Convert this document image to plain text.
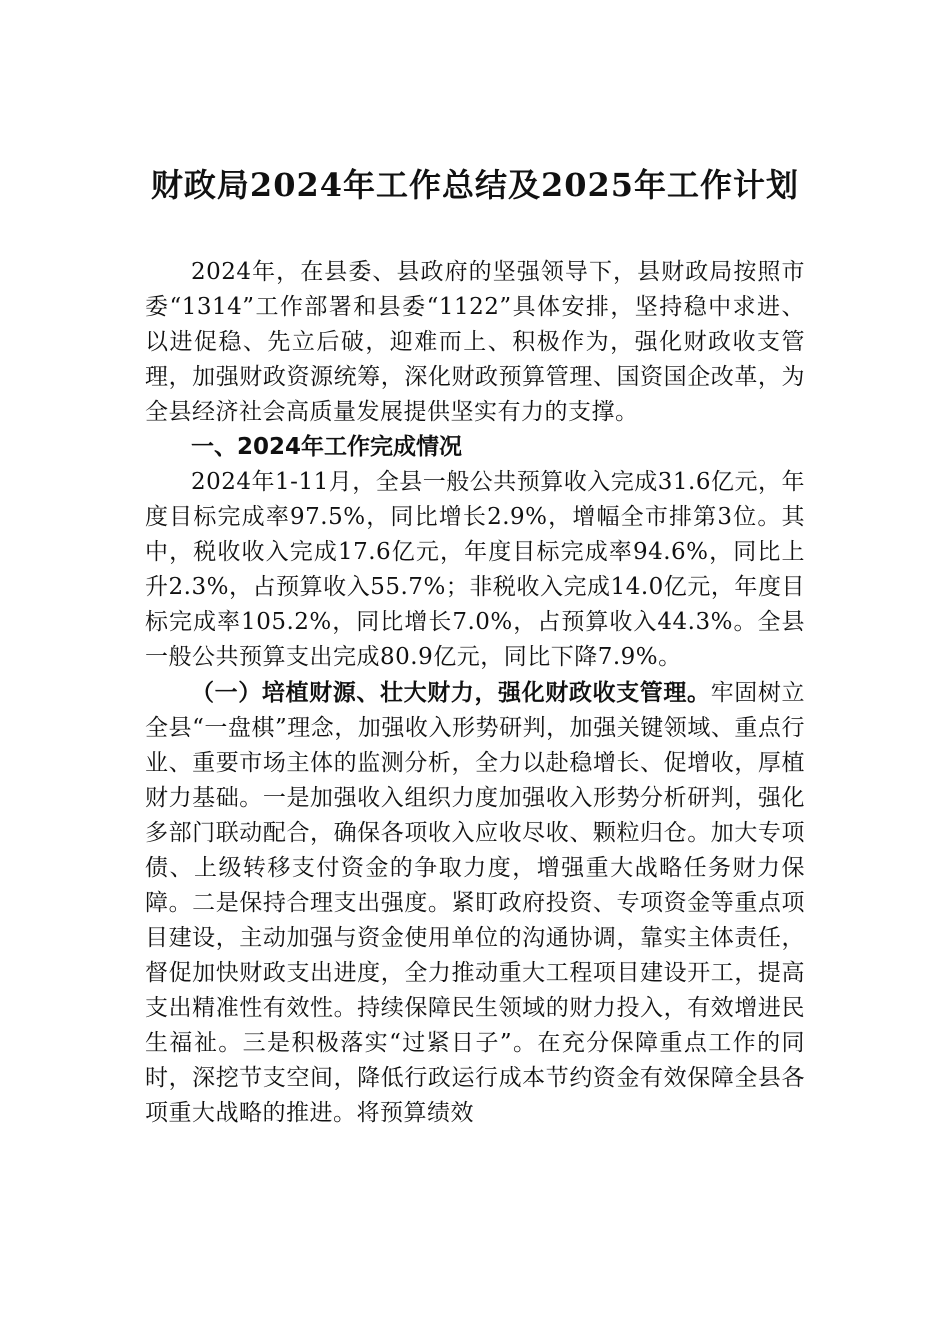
财政局2024年工作总结及2025年工作计划

2024年，在县委、县政府的坚强领导下，县财政局按照市委“1314”工作部署和县委“1122”具体安排，坚持稳中求进、以进促稳、先立后破，迎难而上、积极作为，强化财政收支管理，加强财政资源统筹，深化财政预算管理、国资国企改革，为全县经济社会高质量发展提供坚实有力的支撑。

一、2024年工作完成情况

2024年1-11月，全县一般公共预算收入完成31.6亿元，年度目标完成率97.5%，同比增长2.9%，增幅全市排第3位。其中，税收收入完成17.6亿元，年度目标完成率94.6%，同比上升2.3%，占预算收入55.7%；非税收入完成14.0亿元，年度目标完成率105.2%，同比增长7.0%，占预算收入44.3%。全县一般公共预算支出完成80.9亿元，同比下降7.9%。

（一）培植财源、壮大财力，强化财政收支管理。牢固树立全县“一盘棋”理念，加强收入形势研判，加强关键领域、重点行业、重要市场主体的监测分析，全力以赴稳增长、促增收，厚植财力基础。一是加强收入组织力度加强收入形势分析研判，强化多部门联动配合，确保各项收入应收尽收、颗粒归仓。加大专项债、上级转移支付资金的争取力度，增强重大战略任务财力保障。二是保持合理支出强度。紧盯政府投资、专项资金等重点项目建设，主动加强与资金使用单位的沟通协调，靠实主体责任，督促加快财政支出进度，全力推动重大工程项目建设开工，提高支出精准性有效性。持续保障民生领域的财力投入，有效增进民生福祉。三是积极落实“过紧日子”。在充分保障重点工作的同时，深挖节支空间，降低行政运行成本节约资金有效保障全县各项重大战略的推进。将预算绩效
